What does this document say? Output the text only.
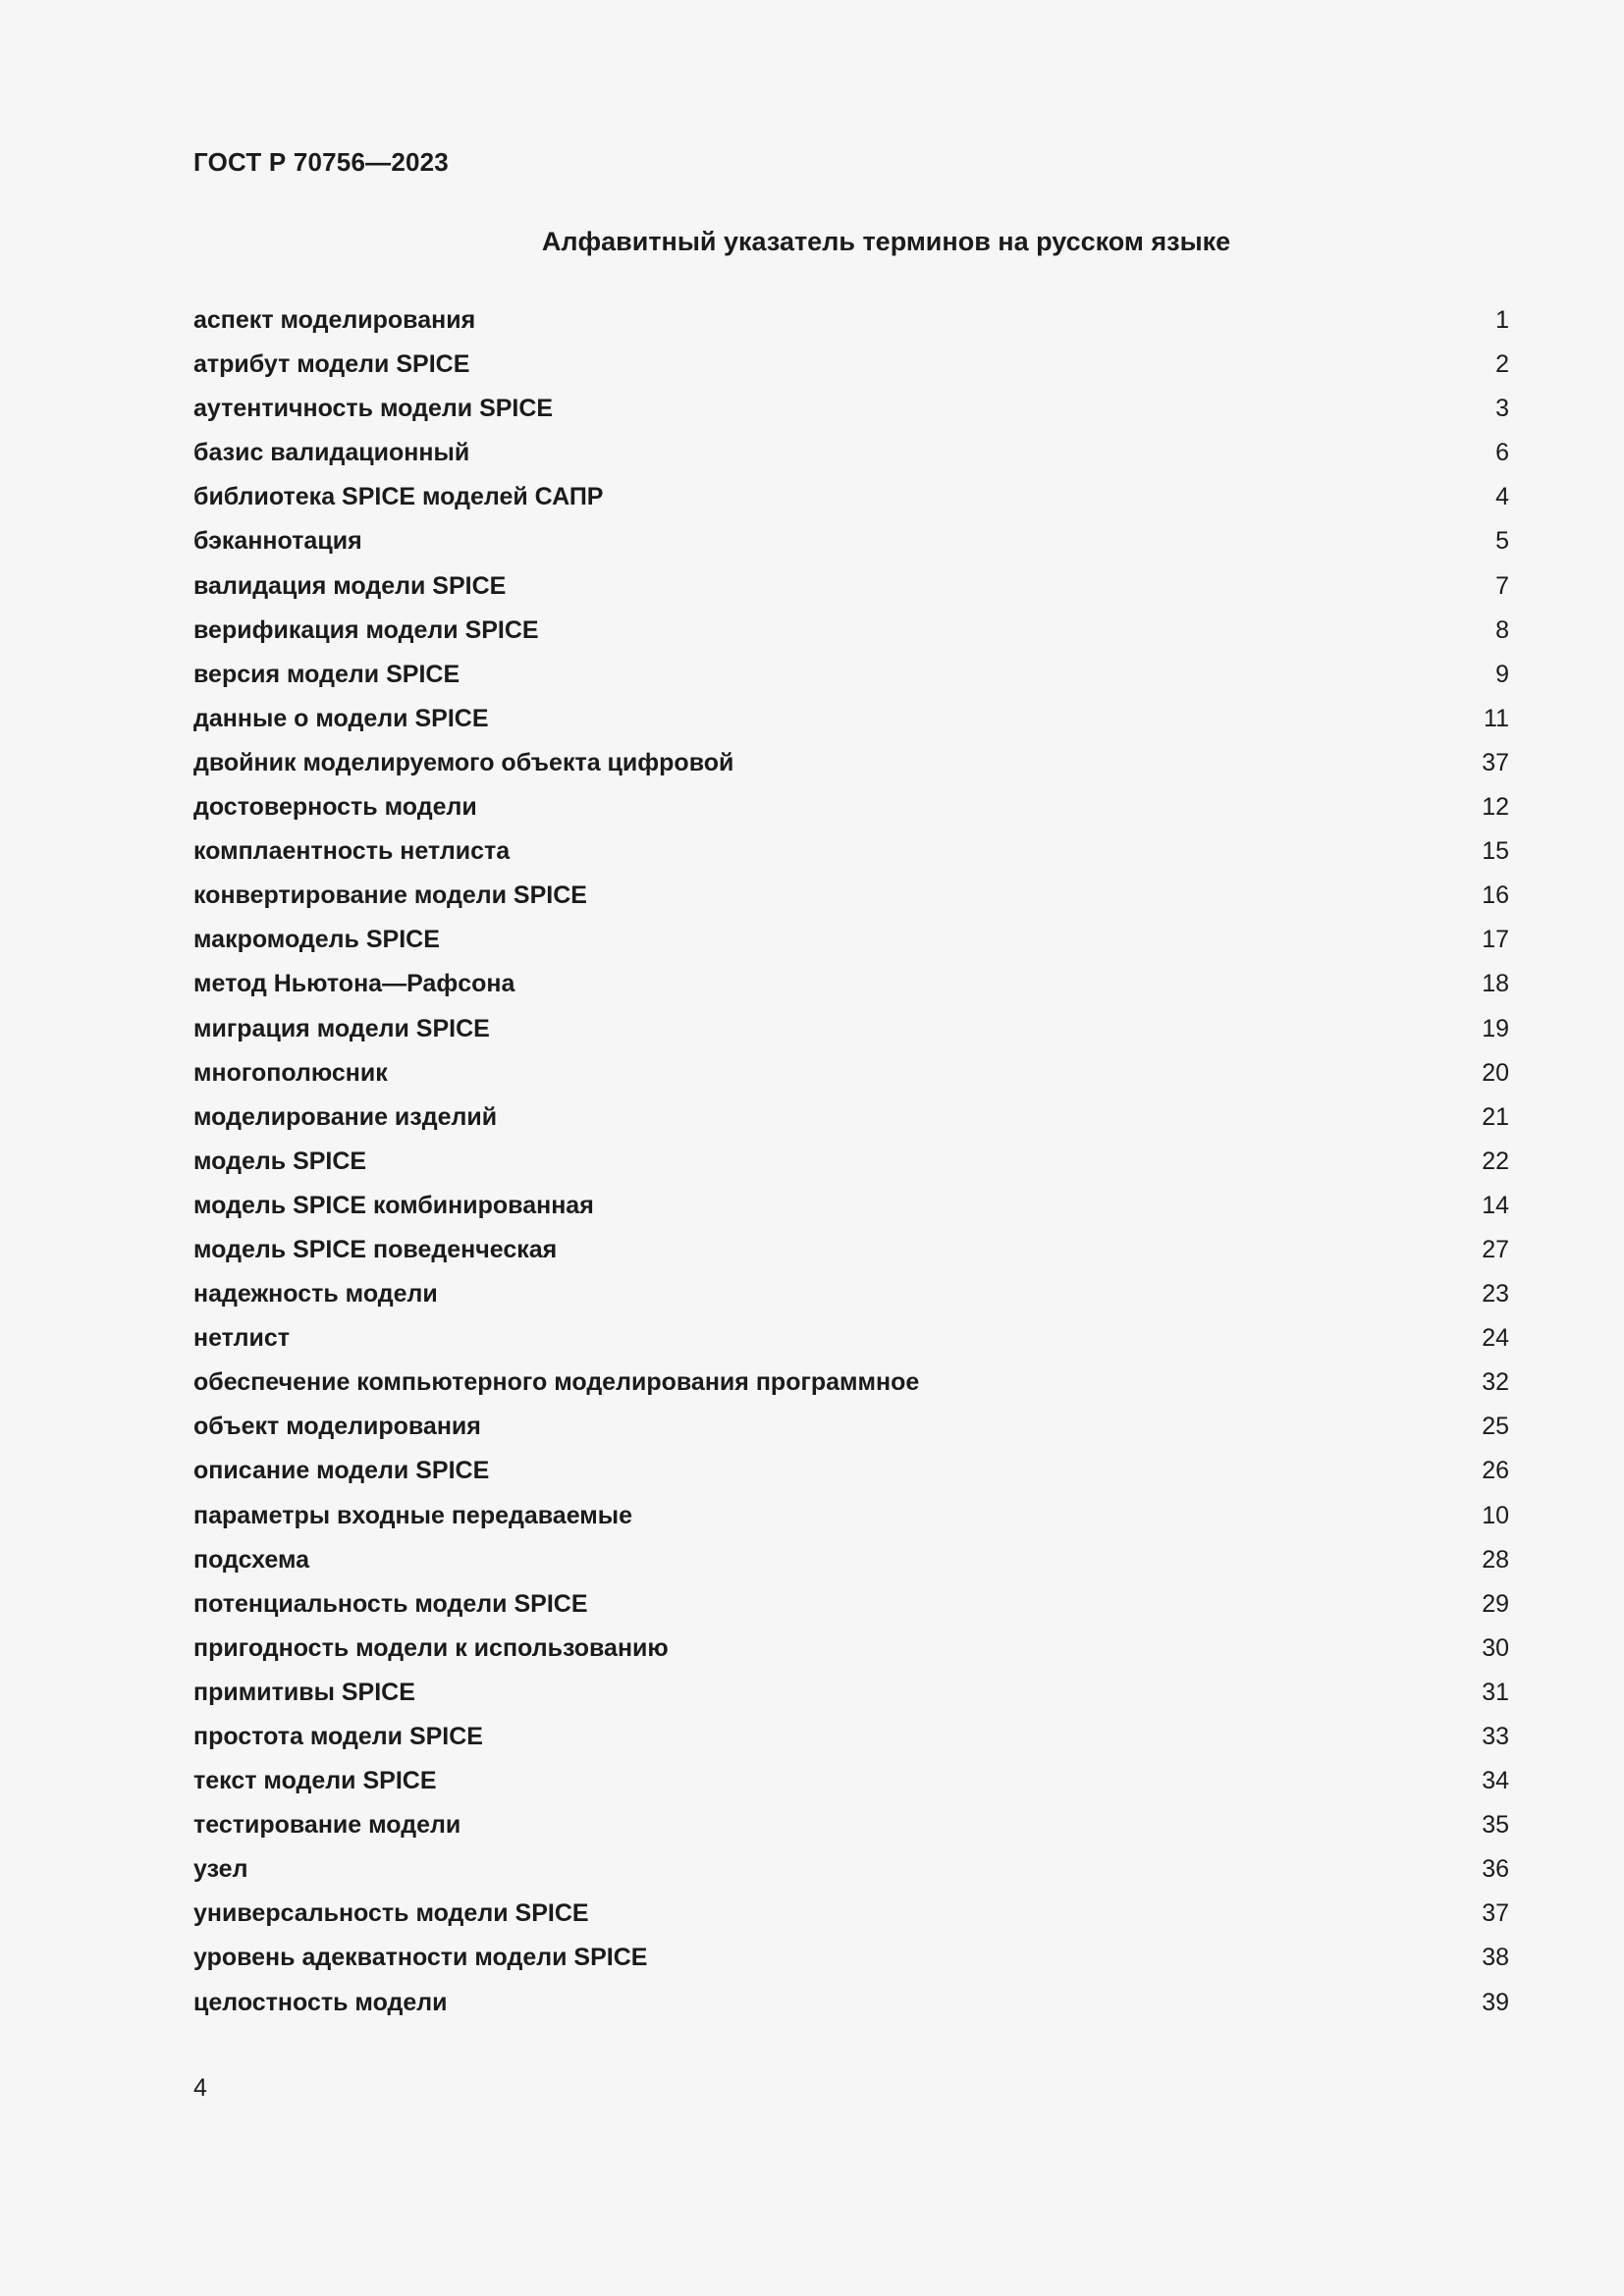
ГОСТ Р 70756—2023
Алфавитный указатель терминов на русском языке
аспект моделирования	1
атрибут модели SPICE	2
аутентичность модели SPICE	3
базис валидационный	6
библиотека SPICE моделей САПР	4
бэканнотация	5
валидация модели SPICE	7
верификация модели SPICE	8
версия модели SPICE	9
данные о модели SPICE	11
двойник моделируемого объекта цифровой	37
достоверность модели	12
комплаентность нетлиста	15
конвертирование модели SPICE	16
макромодель SPICE	17
метод Ньютона—Рафсона	18
миграция модели SPICE	19
многополюсник	20
моделирование изделий	21
модель SPICE	22
модель SPICE комбинированная	14
модель SPICE поведенческая	27
надежность модели	23
нетлист	24
обеспечение компьютерного моделирования программное	32
объект моделирования	25
описание модели SPICE	26
параметры входные передаваемые	10
подсхема	28
потенциальность модели SPICE	29
пригодность модели к использованию	30
примитивы SPICE	31
простота модели SPICE	33
текст модели SPICE	34
тестирование модели	35
узел	36
универсальность модели SPICE	37
уровень адекватности модели SPICE	38
целостность модели	39
4
